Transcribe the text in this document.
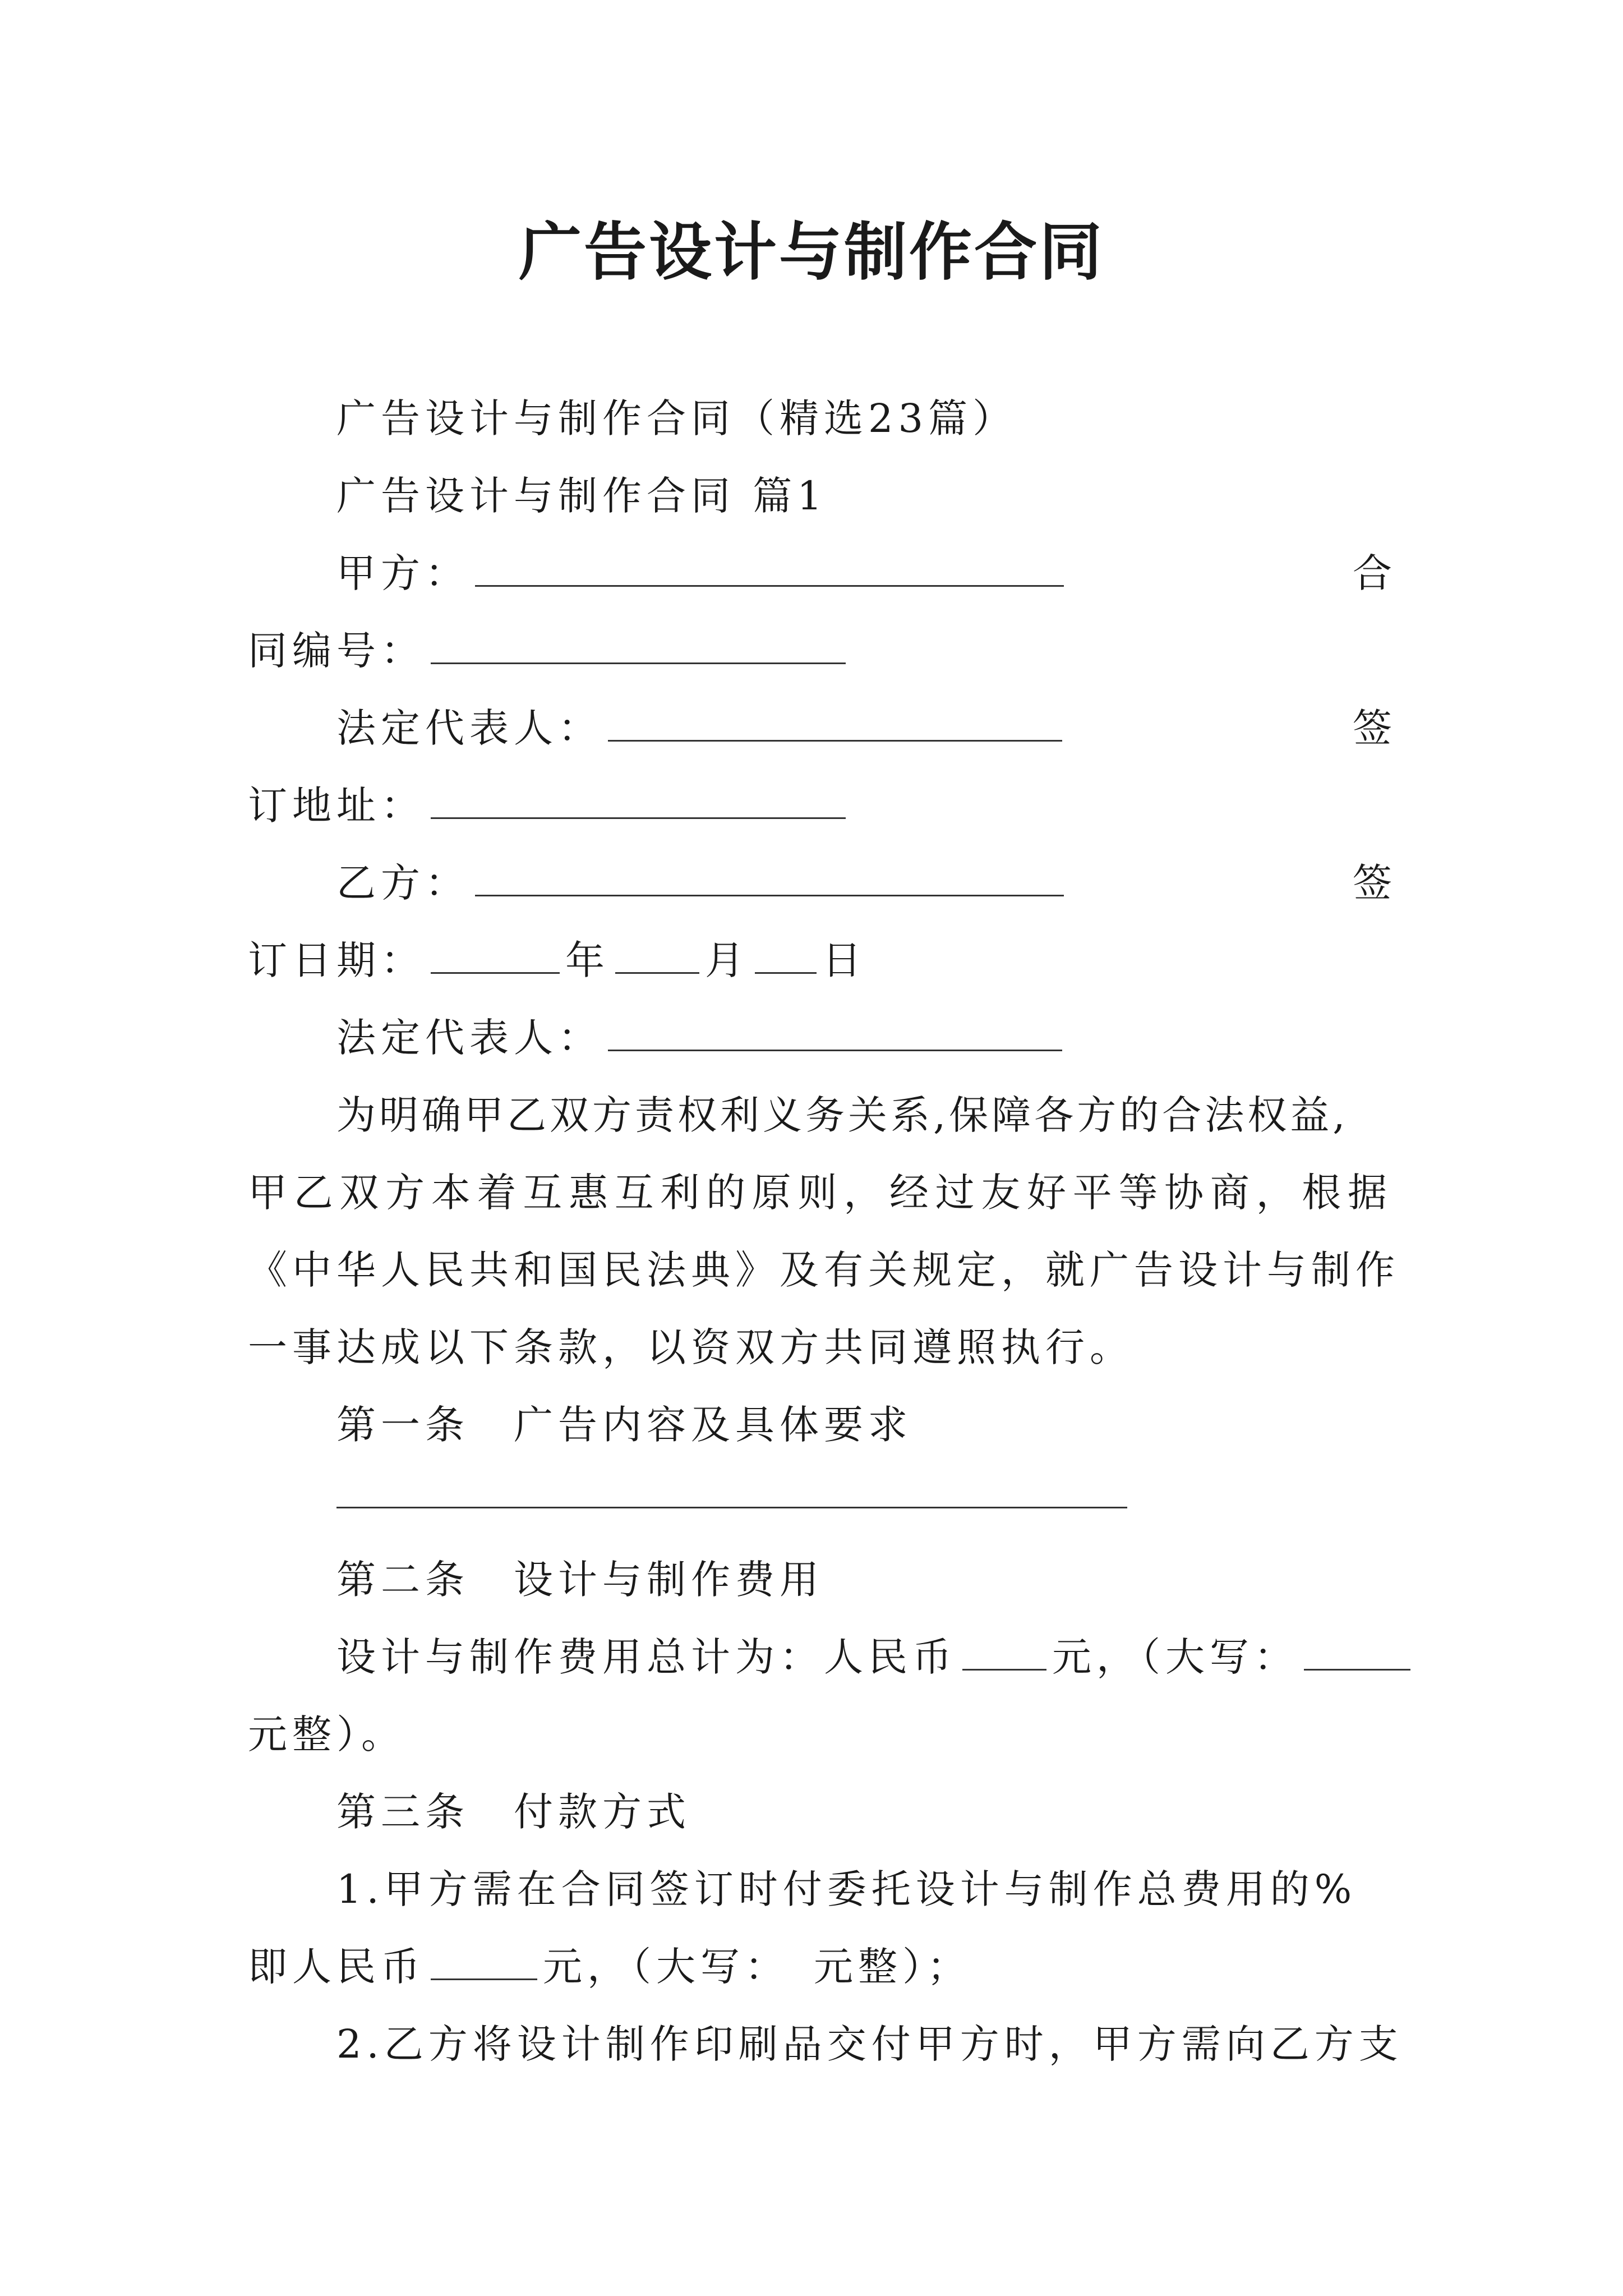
广告设计与制作合同
广告设计与制作合同（精选23篇）
广告设计与制作合同 篇1
甲方：	合
同编号：
法定代表人：	签
订地址：
乙方：	签
订日期：	年 月 日
法定代表人：
为明确甲乙双方责权利义务关系,保障各方的合法权益,
甲乙双方本着互惠互利的原则，经过友好平等协商，根据
《中华人民共和国民法典》及有关规定，就广告设计与制作
一事达成以下条款，以资双方共同遵照执行。
第一条　广告内容及具体要求
第二条　设计与制作费用
设计与制作费用总计为：人民币 元，（大写：
元整）。
第三条　付款方式
1.甲方需在合同签订时付委托设计与制作总费用的%
即人民币	元，（大写：　元整）；
2.乙方将设计制作印刷品交付甲方时，甲方需向乙方支
